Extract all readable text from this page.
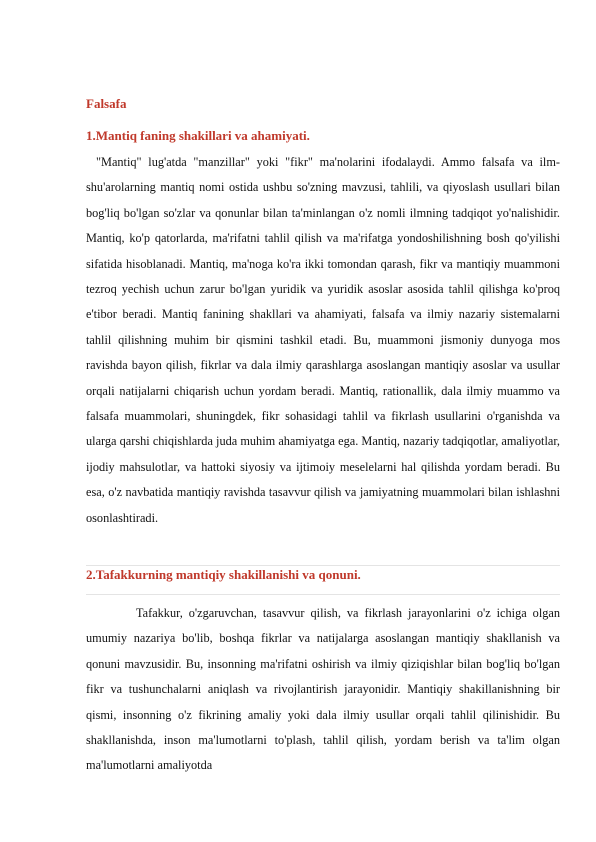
Falsafa
1.Mantiq faning shakillari va ahamiyati.

"Mantiq" lug'atda "manzillar" yoki "fikr" ma'nolarini ifodalaydi. Ammo falsafa va ilm-shu'arolarning mantiq nomi ostida ushbu so'zning mavzusi, tahlili, va qiyoslash usullari bilan bog'liq bo'lgan so'zlar va qonunlar bilan ta'minlangan o'z nomli ilmning tadqiqot yo'nalishidir. Mantiq, ko'p qatorlarda, ma'rifatni tahlil qilish va ma'rifatga yondoshilishning bosh qo'yilishi sifatida hisoblanadi. Mantiq, ma'noga ko'ra ikki tomondan qarash, fikr va mantiqiy muammoni tezroq yechish uchun zarur bo'lgan yuridik va yuridik asoslar asosida tahlil qilishga ko'proq e'tibor beradi. Mantiq fanining shakllari va ahamiyati, falsafa va ilmiy nazariy sistemalarni tahlil qilishning muhim bir qismini tashkil etadi. Bu, muammoni jismoniy dunyoga mos ravishda bayon qilish, fikrlar va dala ilmiy qarashlarga asoslangan mantiqiy asoslar va usullar orqali natijalarni chiqarish uchun yordam beradi. Mantiq, rationallik, dala ilmiy muammo va falsafa muammolari, shuningdek, fikr sohasidagi tahlil va fikrlash usullarini o'rganishda va ularga qarshi chiqishlarda juda muhim ahamiyatga ega. Mantiq, nazariy tadqiqotlar, amaliyotlar, ijodiy mahsulotlar, va hattoki siyosiy va ijtimoiy meselelarni hal qilishda yordam beradi. Bu esa, o'z navbatida mantiqiy ravishda tasavvur qilish va jamiyatning muammolari bilan ishlashni osonlashtiradi.

2.Tafakkurning mantiqiy shakillanishi va qonuni.

Tafakkur, o'zgaruvchan, tasavvur qilish, va fikrlash jarayonlarini o'z ichiga olgan umumiy nazariya bo'lib, boshqa fikrlar va natijalarga asoslangan mantiqiy shakllanish va qonuni mavzusidir. Bu, insonning ma'rifatni oshirish va ilmiy qiziqishlar bilan bog'liq bo'lgan fikr va tushunchalarni aniqlash va rivojlantirish jarayonidir. Mantiqiy shakillanishning bir qismi, insonning o'z fikrining amaliy yoki dala ilmiy usullar orqali tahlil qilinishidir. Bu shakllanishda, inson ma'lumotlarni to'plash, tahlil qilish, yordam berish va ta'lim olgan ma'lumotlarni amaliyotda
